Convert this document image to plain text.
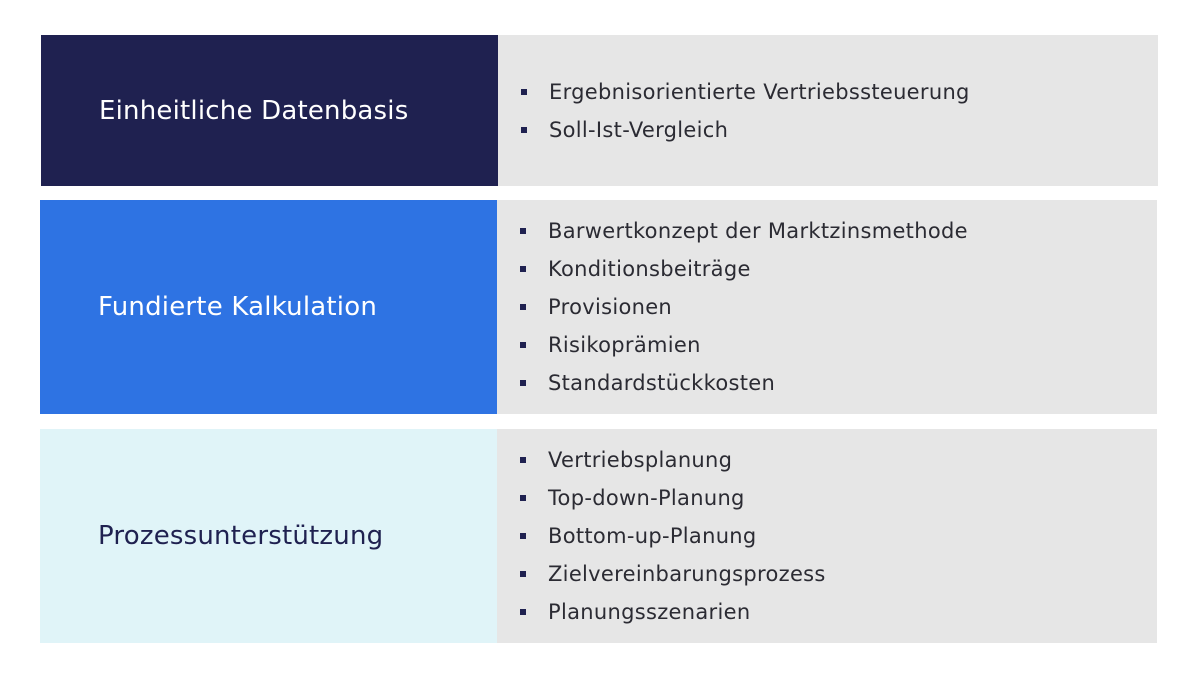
Einheitliche Datenbasis
Ergebnisorientierte Vertriebssteuerung
Soll-Ist-Vergleich
Fundierte Kalkulation
Barwertkonzept der Marktzinsmethode
Konditionsbeiträge
Provisionen
Risikoprämien
Standardstückkosten
Prozessunterstützung
Vertriebsplanung
Top-down-Planung
Bottom-up-Planung
Zielvereinbarungsprozess
Planungsszenarien
